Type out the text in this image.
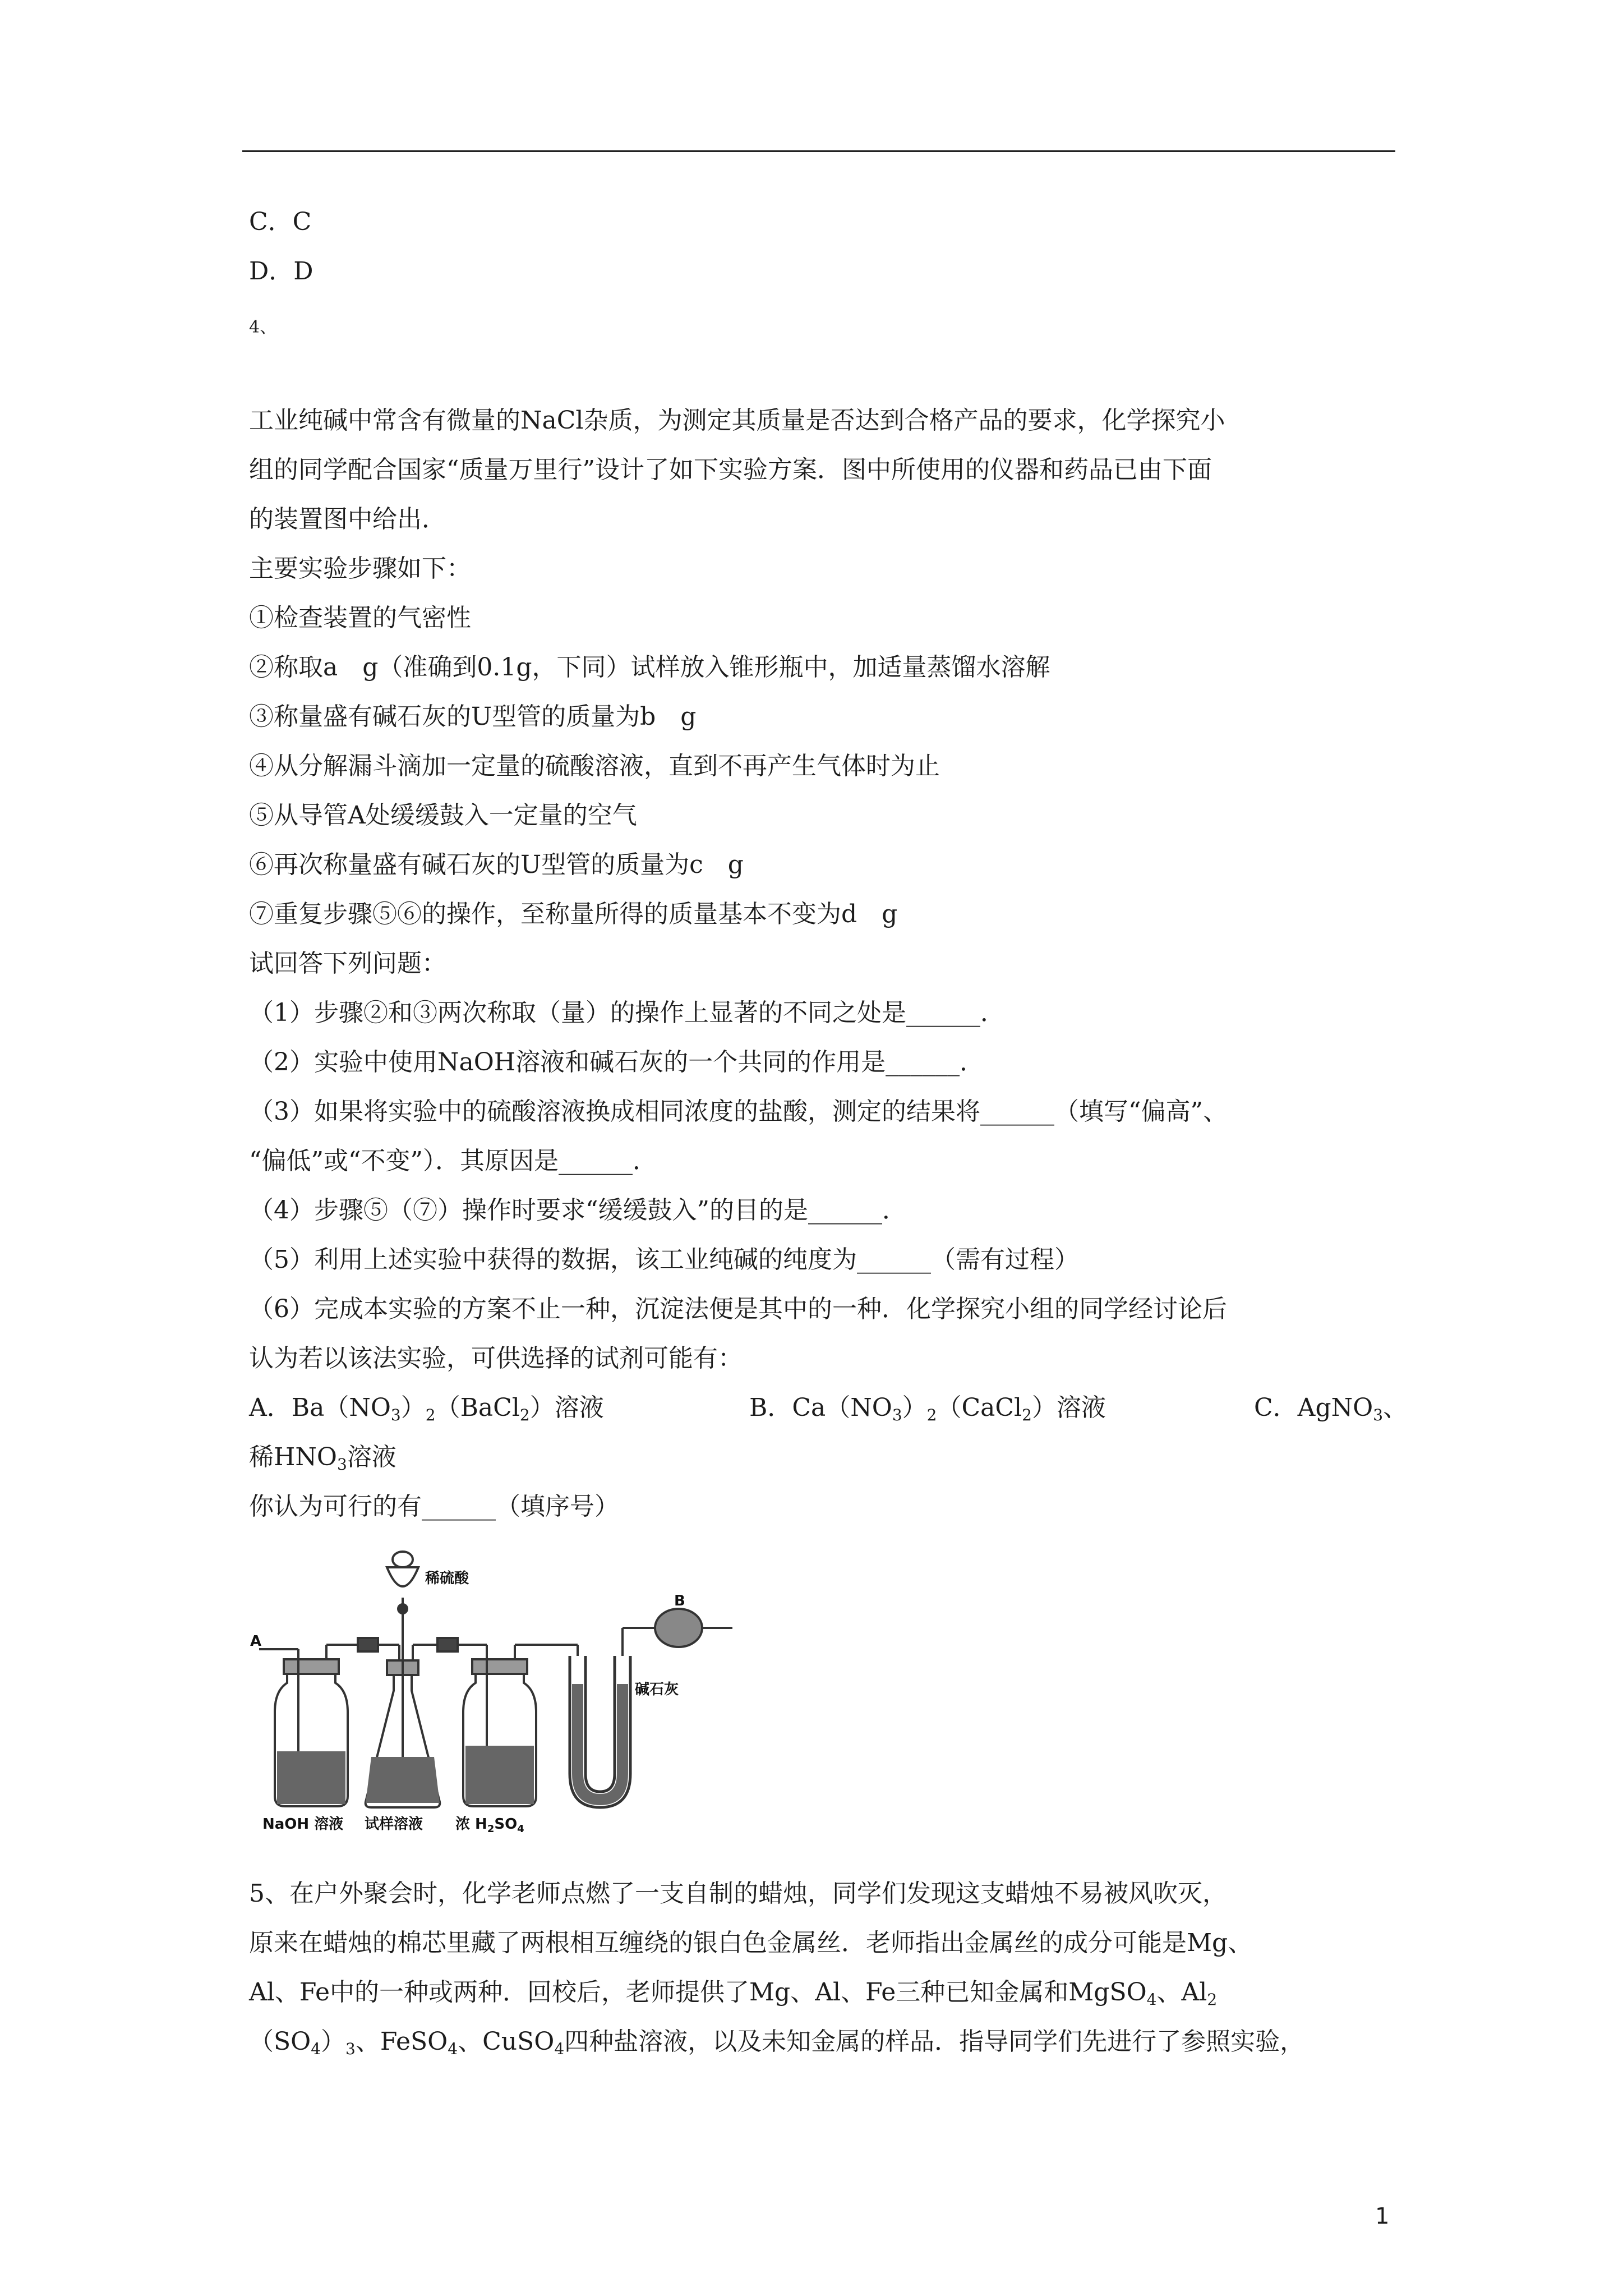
C．C
D．D
4、
工业纯碱中常含有微量的NaCl杂质，为测定其质量是否达到合格产品的要求，化学探究小
组的同学配合国家“质量万里行”设计了如下实验方案．图中所使用的仪器和药品已由下面
的装置图中给出．
主要实验步骤如下：
①检查装置的气密性
②称取a　g（准确到0.1g，下同）试样放入锥形瓶中，加适量蒸馏水溶解
③称量盛有碱石灰的U型管的质量为b　g
④从分解漏斗滴加一定量的硫酸溶液，直到不再产生气体时为止
⑤从导管A处缓缓鼓入一定量的空气
⑥再次称量盛有碱石灰的U型管的质量为c　g
⑦重复步骤⑤⑥的操作，至称量所得的质量基本不变为d　g
试回答下列问题：
（1）步骤②和③两次称取（量）的操作上显著的不同之处是______．
（2）实验中使用NaOH溶液和碱石灰的一个共同的作用是______．
（3）如果将实验中的硫酸溶液换成相同浓度的盐酸，测定的结果将______（填写“偏高”、
“偏低”或“不变”）．其原因是______．
（4）步骤⑤（⑦）操作时要求“缓缓鼓入”的目的是______．
（5）利用上述实验中获得的数据，该工业纯碱的纯度为______（需有过程）
（6）完成本实验的方案不止一种，沉淀法便是其中的一种．化学探究小组的同学经讨论后
认为若以该法实验，可供选择的试剂可能有：
A．$Ba(NO_3)_2(BaCl_2)$溶液	B．$Ca(NO_3)_2(CaCl_2)$溶液	C．AgNO$_3$、
稀$HNO_3$溶液
你认为可行的有______（填序号）
A
稀硫酸
B
碱石灰
NaOH 溶液 试样溶液 浓 $H_2SO_4$
5、在户外聚会时，化学老师点燃了一支自制的蜡烛，同学们发现这支蜡烛不易被风吹灭，
原来在蜡烛的棉芯里藏了两根相互缠绕的银白色金属丝．老师指出金属丝的成分可能是Mg、
Al、Fe中的一种或两种．回校后，老师提供了Mg、Al、Fe三种已知金属和MgSO$_4$、$Al_2$
$(SO_4)_3$、FeSO$_4$、CuSO$_4$四种盐溶液，以及未知金属的样品．指导同学们先进行了参照实验，
1
